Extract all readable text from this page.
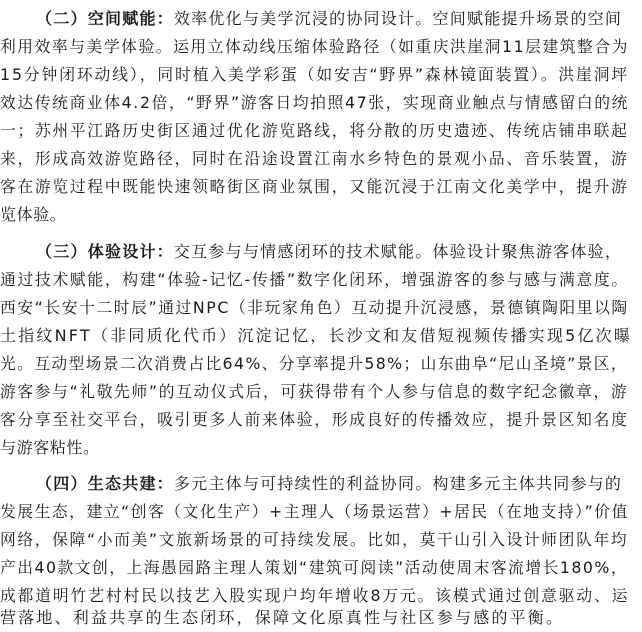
（二）空间赋能：效率优化与美学沉浸的协同设计。空间赋能提升场景的空间
利用效率与美学体验。运用立体动线压缩体验路径（如重庆洪崖洞11层建筑整合为
15分钟闭环动线），同时植入美学彩蛋（如安吉“野界”森林镜面装置）。洪崖洞坪
效达传统商业体4.2倍，“野界”游客日均拍照47张，实现商业触点与情感留白的统
一；苏州平江路历史街区通过优化游览路线，将分散的历史遗迹、传统店铺串联起
来，形成高效游览路径，同时在沿途设置江南水乡特色的景观小品、音乐装置，游
客在游览过程中既能快速领略街区商业氛围，又能沉浸于江南文化美学中，提升游
览体验。
（三）体验设计：交互参与与情感闭环的技术赋能。体验设计聚焦游客体验，
通过技术赋能，构建“体验-记忆-传播”数字化闭环，增强游客的参与感与满意度。
西安“长安十二时辰”通过NPC（非玩家角色）互动提升沉浸感，景德镇陶阳里以陶
土指纹NFT（非同质化代币）沉淀记忆，长沙文和友借短视频传播实现5亿次曝
光。互动型场景二次消费占比64%、分享率提升58%；山东曲阜“尼山圣境”景区，
游客参与“礼敬先师”的互动仪式后，可获得带有个人参与信息的数字纪念徽章，游
客分享至社交平台，吸引更多人前来体验，形成良好的传播效应，提升景区知名度
与游客粘性。
（四）生态共建：多元主体与可持续性的利益协同。构建多元主体共同参与的
发展生态，建立“创客（文化生产）+主理人（场景运营）+居民（在地支持）”价值
网络，保障“小而美”文旅新场景的可持续发展。比如，莫干山引入设计师团队年均
产出40款文创，上海愚园路主理人策划“建筑可阅读”活动使周末客流增长180%，
成都道明竹艺村村民以技艺入股实现户均年增收8万元。该模式通过创意驱动、运
营落地、利益共享的生态闭环，保障文化原真性与社区参与感的平衡。
